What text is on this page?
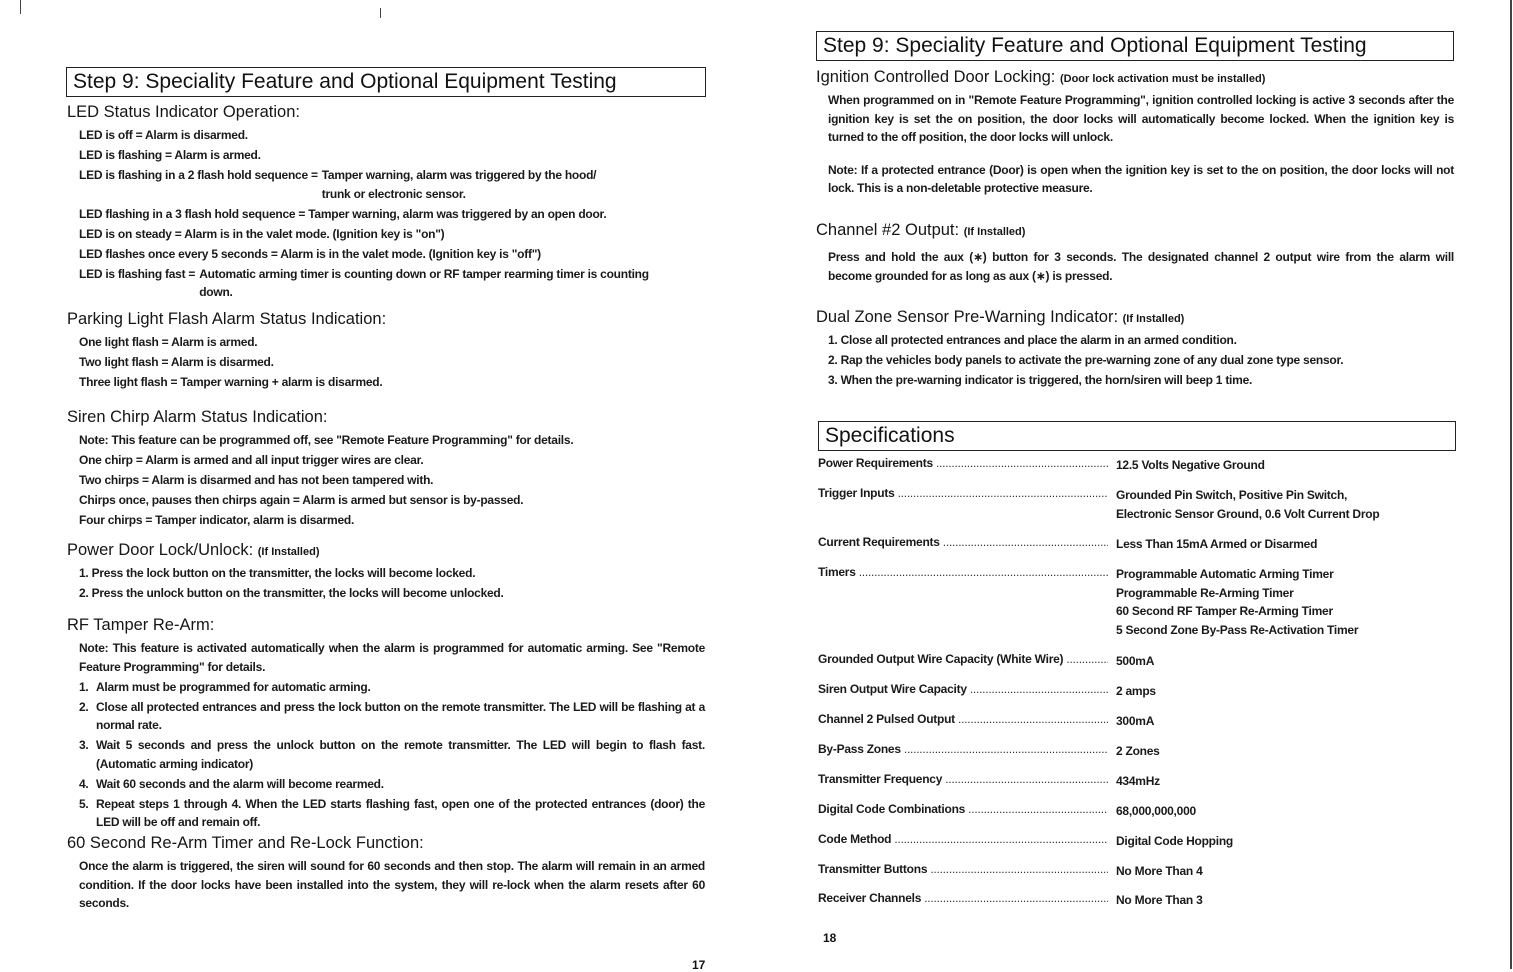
Step 9: Speciality Feature and Optional Equipment Testing
LED Status Indicator Operation:
LED is off = Alarm is disarmed.
LED is flashing = Alarm is armed.
LED is flashing in a 2 flash hold sequence = Tamper warning, alarm was triggered by the hood/
trunk or electronic sensor.
LED flashing in a 3 flash hold sequence = Tamper warning, alarm was triggered by an open door.
LED is on steady = Alarm is in the valet mode. (Ignition key is "on")
LED flashes once every 5 seconds = Alarm is in the valet mode. (Ignition key is "off")
LED is flashing fast = Automatic arming timer is counting down or RF tamper rearming timer is counting
down.
Parking Light Flash Alarm Status Indication:
One light flash = Alarm is armed.
Two light flash = Alarm is disarmed.
Three light flash = Tamper warning + alarm is disarmed.
Siren Chirp Alarm Status Indication:
Note: This feature can be programmed off, see "Remote Feature Programming" for details.
One chirp = Alarm is armed and all input trigger wires are clear.
Two chirps = Alarm is disarmed and has not been tampered with.
Chirps once, pauses then chirps again = Alarm is armed but sensor is by-passed.
Four chirps = Tamper indicator, alarm is disarmed.
Power Door Lock/Unlock: (If Installed)
1. Press the lock button on the transmitter, the locks will become locked.
2. Press the unlock button on the transmitter, the locks will become unlocked.
RF Tamper Re-Arm:
Note: This feature is activated automatically when the alarm is programmed for automatic arming. See "Remote Feature Programming" for details.
1. Alarm must be programmed for automatic arming.
2. Close all protected entrances and press the lock button on the remote transmitter. The LED will be flashing at a normal rate.
3. Wait 5 seconds and press the unlock button on the remote transmitter. The LED will begin to flash fast. (Automatic arming indicator)
4. Wait 60 seconds and the alarm will become rearmed.
5. Repeat steps 1 through 4. When the LED starts flashing fast, open one of the protected entrances (door) the LED will be off and remain off.
60 Second Re-Arm Timer and Re-Lock Function:
Once the alarm is triggered, the siren will sound for 60 seconds and then stop. The alarm will remain in an armed condition. If the door locks have been installed into the system, they will re-lock when the alarm resets after 60 seconds.
17
Step 9: Speciality Feature and Optional Equipment Testing
Ignition Controlled Door Locking: (Door lock activation must be installed)
When programmed on in "Remote Feature Programming", ignition controlled locking is active 3 seconds after the ignition key is set the on position, the door locks will automatically become locked. When the ignition key is turned to the off position, the door locks will unlock.
Note: If a protected entrance (Door) is open when the ignition key is set to the on position, the door locks will not lock. This is a non-deletable protective measure.
Channel #2 Output: (If Installed)
Press and hold the aux (∗) button for 3 seconds. The designated channel 2 output wire from the alarm will become grounded for as long as aux (∗) is pressed.
Dual Zone Sensor Pre-Warning Indicator: (If Installed)
1. Close all protected entrances and place the alarm in an armed condition.
2. Rap the vehicles body panels to activate the pre-warning zone of any dual zone type sensor.
3. When the pre-warning indicator is triggered, the horn/siren will beep 1 time.
Specifications
Power Requirements .....	12.5 Volts Negative Ground
Trigger Inputs .....	Grounded Pin Switch, Positive Pin Switch,
Electronic Sensor Ground, 0.6 Volt Current Drop
Current Requirements .....	Less Than 15mA Armed or Disarmed
Timers .....	Programmable Automatic Arming Timer
Programmable Re-Arming Timer
60 Second RF Tamper Re-Arming Timer
5 Second Zone By-Pass Re-Activation Timer
Grounded Output Wire Capacity (White Wire) .....	500mA
Siren Output Wire Capacity .....	2 amps
Channel 2 Pulsed Output .....	300mA
By-Pass Zones .....	2 Zones
Transmitter Frequency .....	434mHz
Digital Code Combinations .....	68,000,000,000
Code Method .....	Digital Code Hopping
Transmitter Buttons .....	No More Than 4
Receiver Channels .....	No More Than 3
18
